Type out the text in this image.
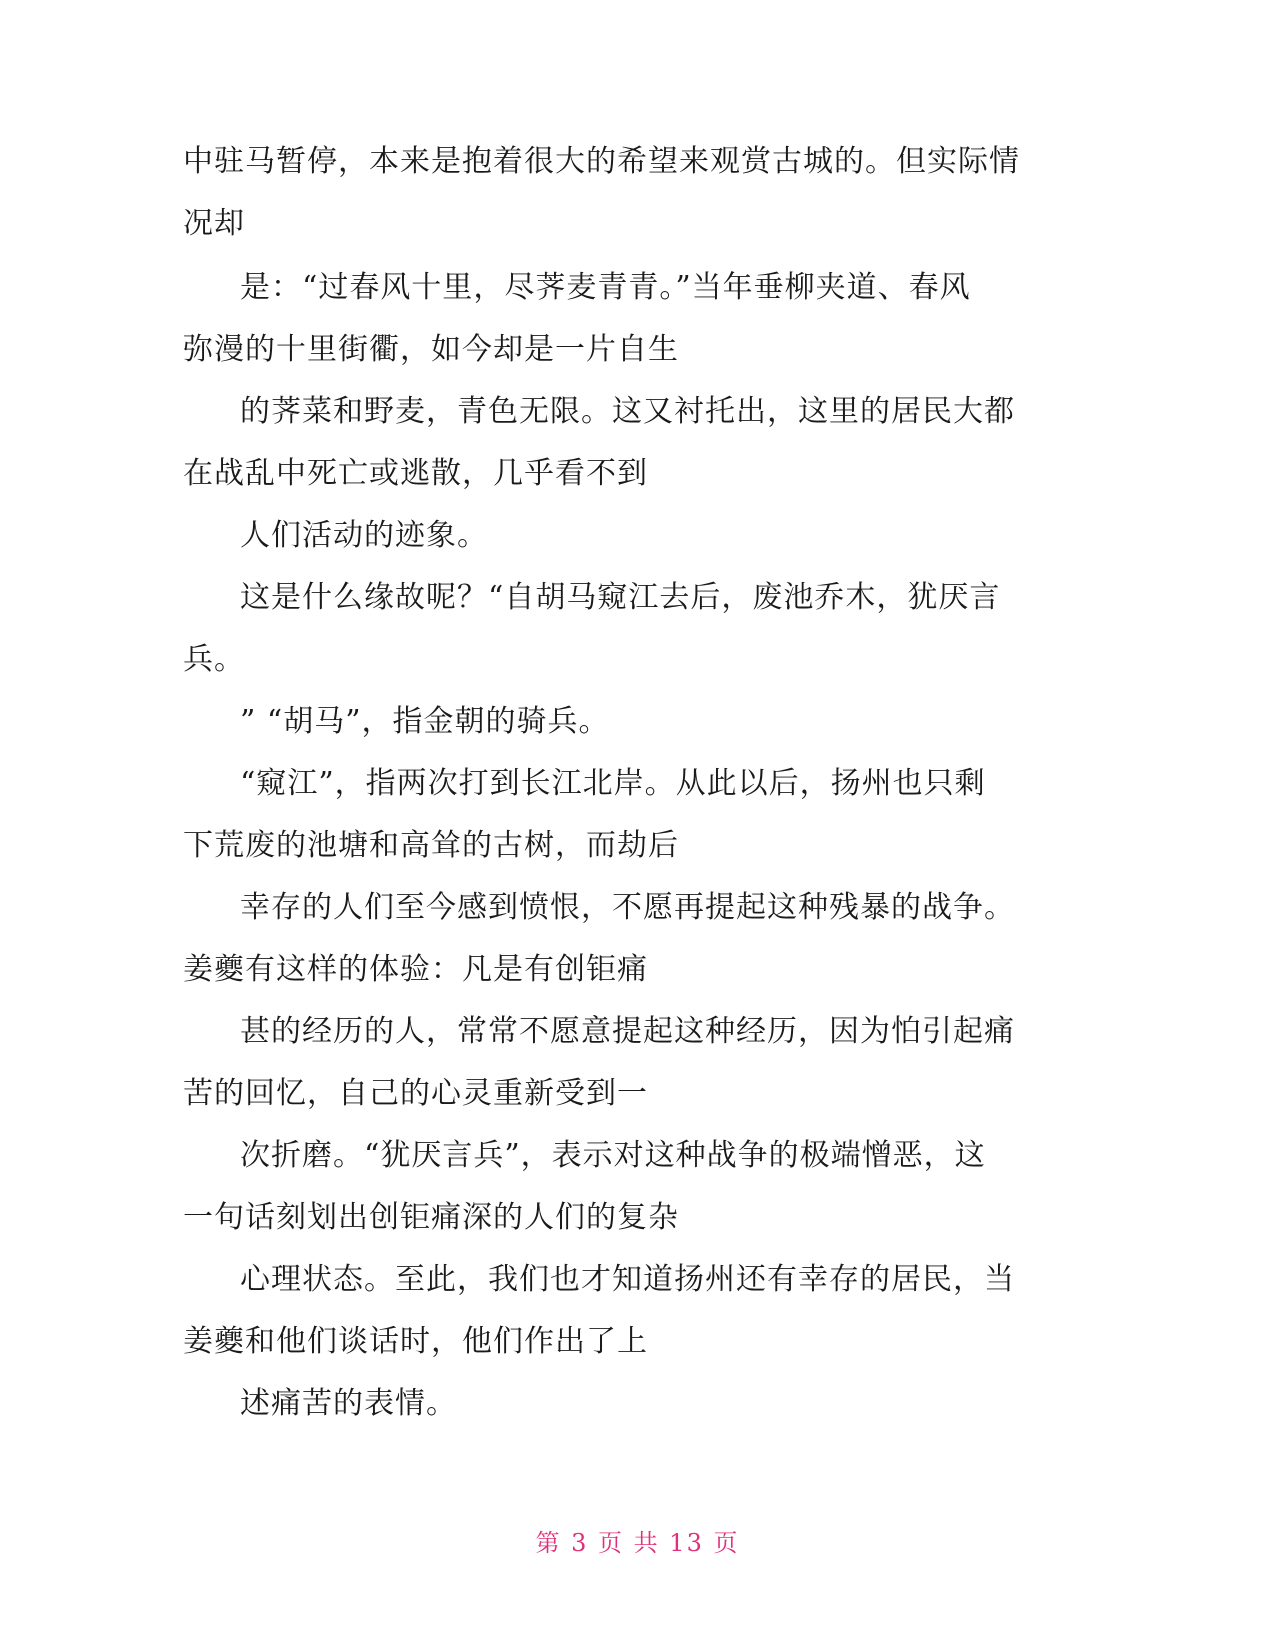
中驻马暂停，本来是抱着很大的希望来观赏古城的。但实际情

况却

是：“过春风十里，尽荠麦青青。”当年垂柳夹道、春风

弥漫的十里街衢，如今却是一片自生

的荠菜和野麦，青色无限。这又衬托出，这里的居民大都

在战乱中死亡或逃散，几乎看不到

人们活动的迹象。

这是什么缘故呢？“自胡马窥江去后，废池乔木，犹厌言

兵。

” “胡马”，指金朝的骑兵。

“窥江”，指两次打到长江北岸。从此以后，扬州也只剩

下荒废的池塘和高耸的古树，而劫后

幸存的人们至今感到愤恨，不愿再提起这种残暴的战争。

姜夔有这样的体验：凡是有创钜痛

甚的经历的人，常常不愿意提起这种经历，因为怕引起痛

苦的回忆，自己的心灵重新受到一

次折磨。“犹厌言兵”，表示对这种战争的极端憎恶，这

一句话刻划出创钜痛深的人们的复杂

心理状态。至此，我们也才知道扬州还有幸存的居民，当

姜夔和他们谈话时，他们作出了上

述痛苦的表情。

第 3 页 共 13 页
